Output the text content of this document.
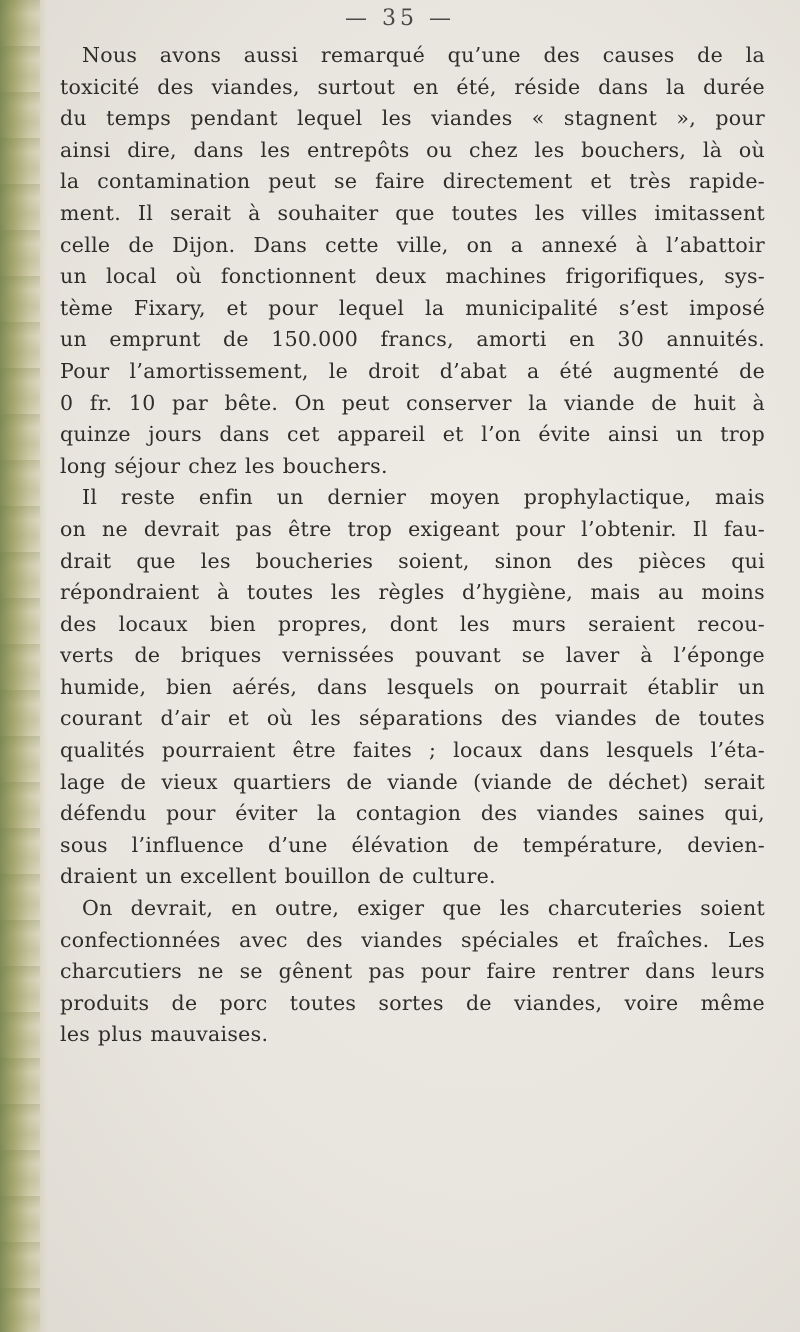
— 35 —
Nous avons aussi remarqué qu’une des causes de la
toxicité des viandes, surtout en été, réside dans la durée
du temps pendant lequel les viandes « stagnent », pour
ainsi dire, dans les entrepôts ou chez les bouchers, là où
la contamination peut se faire directement et très rapide-
ment. Il serait à souhaiter que toutes les villes imitassent
celle de Dijon. Dans cette ville, on a annexé à l’abattoir
un local où fonctionnent deux machines frigorifiques, sys-
tème Fixary, et pour lequel la municipalité s’est imposé
un emprunt de 150.000 francs, amorti en 30 annuités.
Pour l’amortissement, le droit d’abat a été augmenté de
0 fr. 10 par bête. On peut conserver la viande de huit à
quinze jours dans cet appareil et l’on évite ainsi un trop
long séjour chez les bouchers.
Il reste enfin un dernier moyen prophylactique, mais
on ne devrait pas être trop exigeant pour l’obtenir. Il fau-
drait que les boucheries soient, sinon des pièces qui
répondraient à toutes les règles d’hygiène, mais au moins
des locaux bien propres, dont les murs seraient recou-
verts de briques vernissées pouvant se laver à l’éponge
humide, bien aérés, dans lesquels on pourrait établir un
courant d’air et où les séparations des viandes de toutes
qualités pourraient être faites ; locaux dans lesquels l’éta-
lage de vieux quartiers de viande (viande de déchet) serait
défendu pour éviter la contagion des viandes saines qui,
sous l’influence d’une élévation de température, devien-
draient un excellent bouillon de culture.
On devrait, en outre, exiger que les charcuteries soient
confectionnées avec des viandes spéciales et fraîches. Les
charcutiers ne se gênent pas pour faire rentrer dans leurs
produits de porc toutes sortes de viandes, voire même
les plus mauvaises.
